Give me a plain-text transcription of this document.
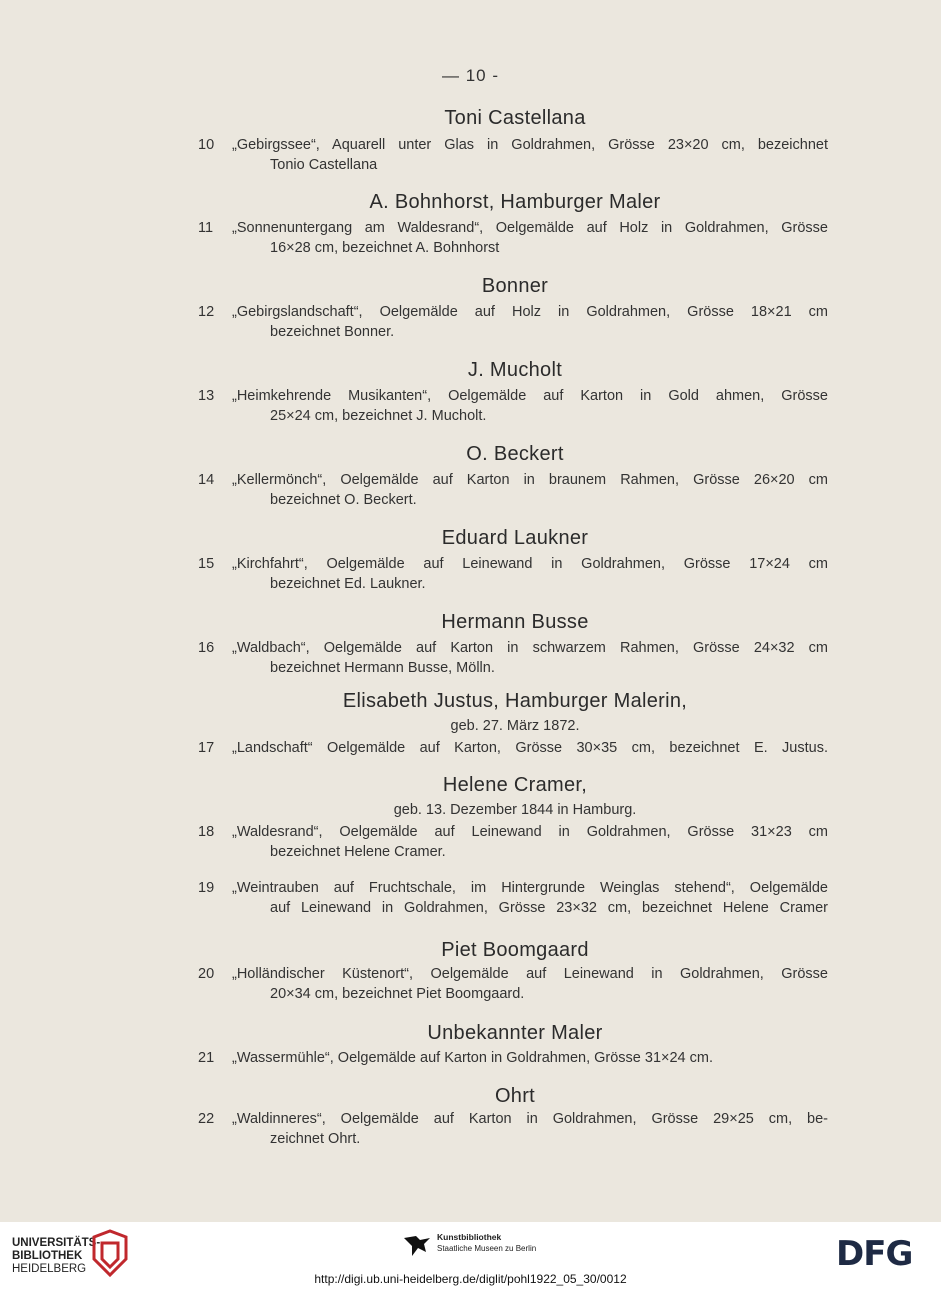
— 10 -
Toni Castellana
10	„Gebirgssee“, Aquarell unter Glas in Goldrahmen, Grösse 23×20 cm, bezeichnet
Tonio Castellana
A. Bohnhorst, Hamburger Maler
11	„Sonnenuntergang am Waldesrand“, Oelgemälde auf Holz in Goldrahmen, Grösse
16×28 cm, bezeichnet A. Bohnhorst
Bonner
12	„Gebirgslandschaft“, Oelgemälde auf Holz in Goldrahmen, Grösse 18×21 cm
bezeichnet Bonner.
J. Mucholt
13	„Heimkehrende Musikanten“, Oelgemälde auf Karton in Gold ahmen, Grösse
25×24 cm, bezeichnet J. Mucholt.
O. Beckert
14	„Kellermönch“, Oelgemälde auf Karton in braunem Rahmen, Grösse 26×20 cm
bezeichnet O. Beckert.
Eduard Laukner
15	„Kirchfahrt“, Oelgemälde auf Leinewand in Goldrahmen, Grösse 17×24 cm
bezeichnet Ed. Laukner.
Hermann Busse
16	„Waldbach“, Oelgemälde auf Karton in schwarzem Rahmen, Grösse 24×32 cm
bezeichnet Hermann Busse, Mölln.
Elisabeth Justus, Hamburger Malerin,
geb. 27. März 1872.
17	„Landschaft“ Oelgemälde auf Karton, Grösse 30×35 cm, bezeichnet E. Justus.
Helene Cramer,
geb. 13. Dezember 1844 in Hamburg.
18	„Waldesrand“, Oelgemälde auf Leinewand in Goldrahmen, Grösse 31×23 cm
bezeichnet Helene Cramer.
19	„Weintrauben auf Fruchtschale, im Hintergrunde Weinglas stehend“, Oelgemälde
auf Leinewand in Goldrahmen, Grösse 23×32 cm, bezeichnet Helene Cramer
Piet Boomgaard
20	„Holländischer Küstenort“, Oelgemälde auf Leinewand in Goldrahmen, Grösse
20×34 cm, bezeichnet Piet Boomgaard.
Unbekannter Maler
21	„Wassermühle“, Oelgemälde auf Karton in Goldrahmen, Grösse 31×24 cm.
Ohrt
22	„Waldinneres“, Oelgemälde auf Karton in Goldrahmen, Grösse 29×25 cm, be-
zeichnet Ohrt.
UNIVERSITÄTS-
BIBLIOTHEK
HEIDELBERG
Kunstbibliothek
Staatliche Museen zu Berlin	DFG
http://digi.ub.uni-heidelberg.de/diglit/pohl1922_05_30/0012
